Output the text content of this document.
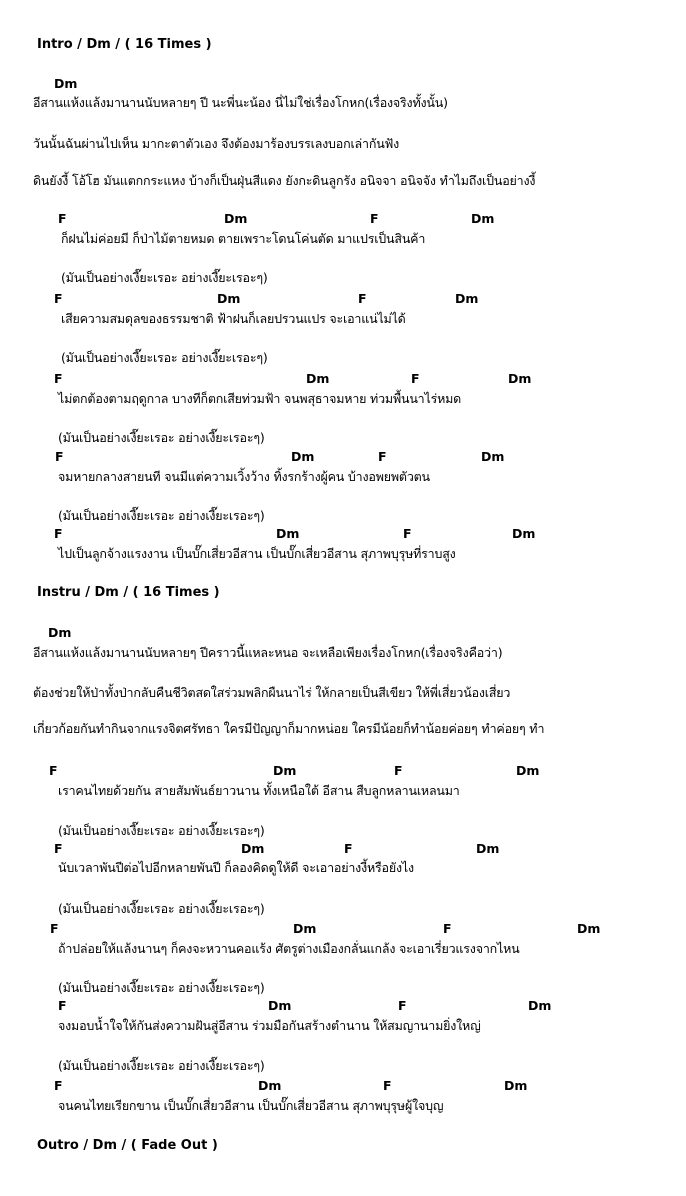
Intro / Dm / ( 16 Times )
Dm
อีสานแห้งแล้งมานานนับหลายๆ ปี นะพี่นะน้อง นี่ไม่ใช่เรื่องโกหก(เรื่องจริงทั้งนั้น)
วันนั้นฉันผ่านไปเห็น มากะตาตัวเอง จึงต้องมาร้องบรรเลงบอกเล่ากันฟัง
ดินยังงี้ โอ้โฮ มันแตกกระแหง บ้างก็เป็นฝุ่นสีแดง ยังกะดินลูกรัง อนิจจา อนิจจัง ทำไมถึงเป็นอย่างงี้
F	Dm	F	Dm
ก็ฝนไม่ค่อยมี ก็ป่าไม้ตายหมด ตายเพราะโดนโค่นตัด มาแปรเป็นสินค้า
(มันเป็นอย่างเงี๊ยะเรอะ อย่างเงี๊ยะเรอะๆ)
F	Dm	F	Dm
เสียความสมดุลของธรรมชาติ ฟ้าฝนก็เลยปรวนแปร จะเอาแน่ไม่ได้
(มันเป็นอย่างเงี๊ยะเรอะ อย่างเงี๊ยะเรอะๆ)
F	Dm	F	Dm
ไม่ตกต้องตามฤดูกาล บางทีก็ตกเสียท่วมฟ้า จนพสุธาจมหาย ท่วมพื้นนาไร่หมด
(มันเป็นอย่างเงี๊ยะเรอะ อย่างเงี๊ยะเรอะๆ)
F	Dm	F	Dm
จมหายกลางสายนที จนมีแต่ความเวิ้งว้าง ทิ้งรกร้างผู้คน บ้างอพยพตัวตน
(มันเป็นอย่างเงี๊ยะเรอะ อย่างเงี๊ยะเรอะๆ)
F	Dm	F	Dm
ไปเป็นลูกจ้างแรงงาน เป็นบั๊กเสี่ยวอีสาน เป็นบั๊กเสี่ยวอีสาน สุภาพบุรุษที่ราบสูง
Instru / Dm / ( 16 Times )
Dm
อีสานแห้งแล้งมานานนับหลายๆ ปีคราวนี้แหละหนอ จะเหลือเพียงเรื่องโกหก(เรื่องจริงคือว่า)
ต้องช่วยให้ป่าทั้งป่ากลับคืนชีวิตสดใสร่วมพลิกผืนนาไร่ ให้กลายเป็นสีเขียว ให้พี่เสี่ยวน้องเสี่ยว
เกี่ยวก้อยกันทำกินจากแรงจิตศรัทธา ใครมีปัญญาก็มากหน่อย ใครมีน้อยก็ทำน้อยค่อยๆ ทำค่อยๆ ทำ
F	Dm	F	Dm
เราคนไทยด้วยกัน สายสัมพันธ์ยาวนาน ทั้งเหนือใต้ อีสาน สืบลูกหลานเหลนมา
(มันเป็นอย่างเงี๊ยะเรอะ อย่างเงี๊ยะเรอะๆ)
F	Dm	F	Dm
นับเวลาพันปีต่อไปอีกหลายพันปี ก็ลองคิดดูให้ดี จะเอาอย่างงี้หรือยังไง
(มันเป็นอย่างเงี๊ยะเรอะ อย่างเงี๊ยะเรอะๆ)
F	Dm	F	Dm
ถ้าปล่อยให้แล้งนานๆ ก็คงจะหวานคอแร้ง ศัตรูต่างเมืองกลั่นแกล้ง จะเอาเรี่ยวแรงจากไหน
(มันเป็นอย่างเงี๊ยะเรอะ อย่างเงี๊ยะเรอะๆ)
F	Dm	F	Dm
จงมอบน้ำใจให้กันส่งความฝันสู่อีสาน ร่วมมือกันสร้างตำนาน ให้สมญานามยิ่งใหญ่
(มันเป็นอย่างเงี๊ยะเรอะ อย่างเงี๊ยะเรอะๆ)
F	Dm	F	Dm
จนคนไทยเรียกขาน เป็นบั๊กเสี่ยวอีสาน เป็นบั๊กเสี่ยวอีสาน สุภาพบุรุษผู้ใจบุญ
Outro / Dm / ( Fade Out )
